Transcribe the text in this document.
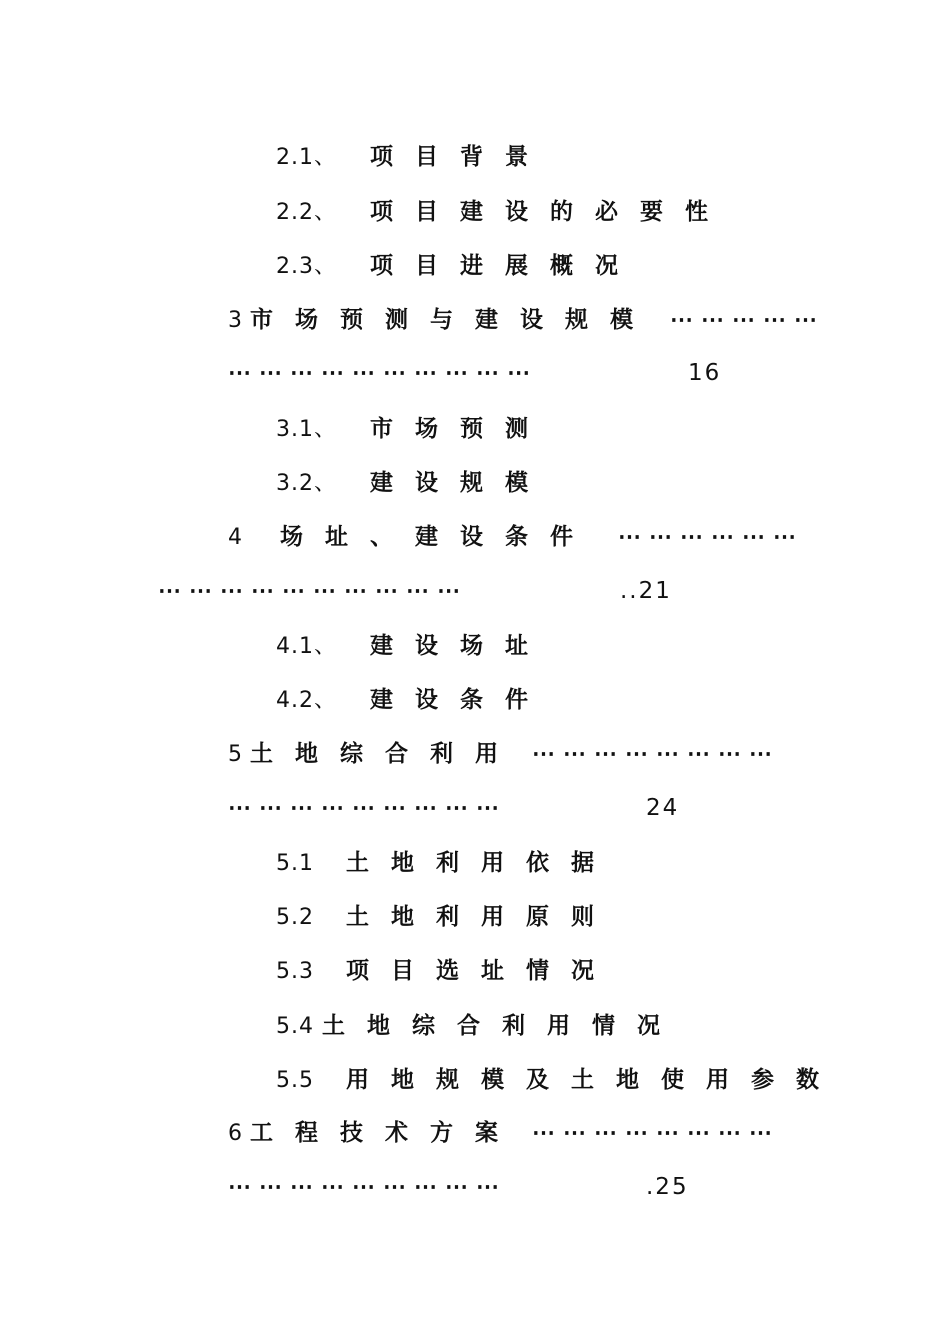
2.1、 项目背景
2.2、 项目建设的必要性
2.3、 项目进展概况
3 市场预测与建设规模 ⋯ ⋯ ⋯ ⋯ ⋯
⋯ ⋯ ⋯ ⋯ ⋯ ⋯ ⋯ ⋯ ⋯ ⋯	16
3.1、 市场预测
3.2、 建设规模
4 场址、建设条件 ⋯ ⋯ ⋯ ⋯ ⋯ ⋯
⋯ ⋯ ⋯ ⋯ ⋯ ⋯ ⋯ ⋯ ⋯ ⋯	..21
4.1、 建设场址
4.2、 建设条件
5 土地综合利用 ⋯ ⋯ ⋯ ⋯ ⋯ ⋯ ⋯ ⋯
⋯ ⋯ ⋯ ⋯ ⋯ ⋯ ⋯ ⋯ ⋯	24
5.1 土地利用依据
5.2 土地利用原则
5.3 项目选址情况
5.4 土地综合利用情况
5.5 用地规模及土地使用参数
6 工程技术方案 ⋯ ⋯ ⋯ ⋯ ⋯ ⋯ ⋯ ⋯
⋯ ⋯ ⋯ ⋯ ⋯ ⋯ ⋯ ⋯ ⋯	.25
